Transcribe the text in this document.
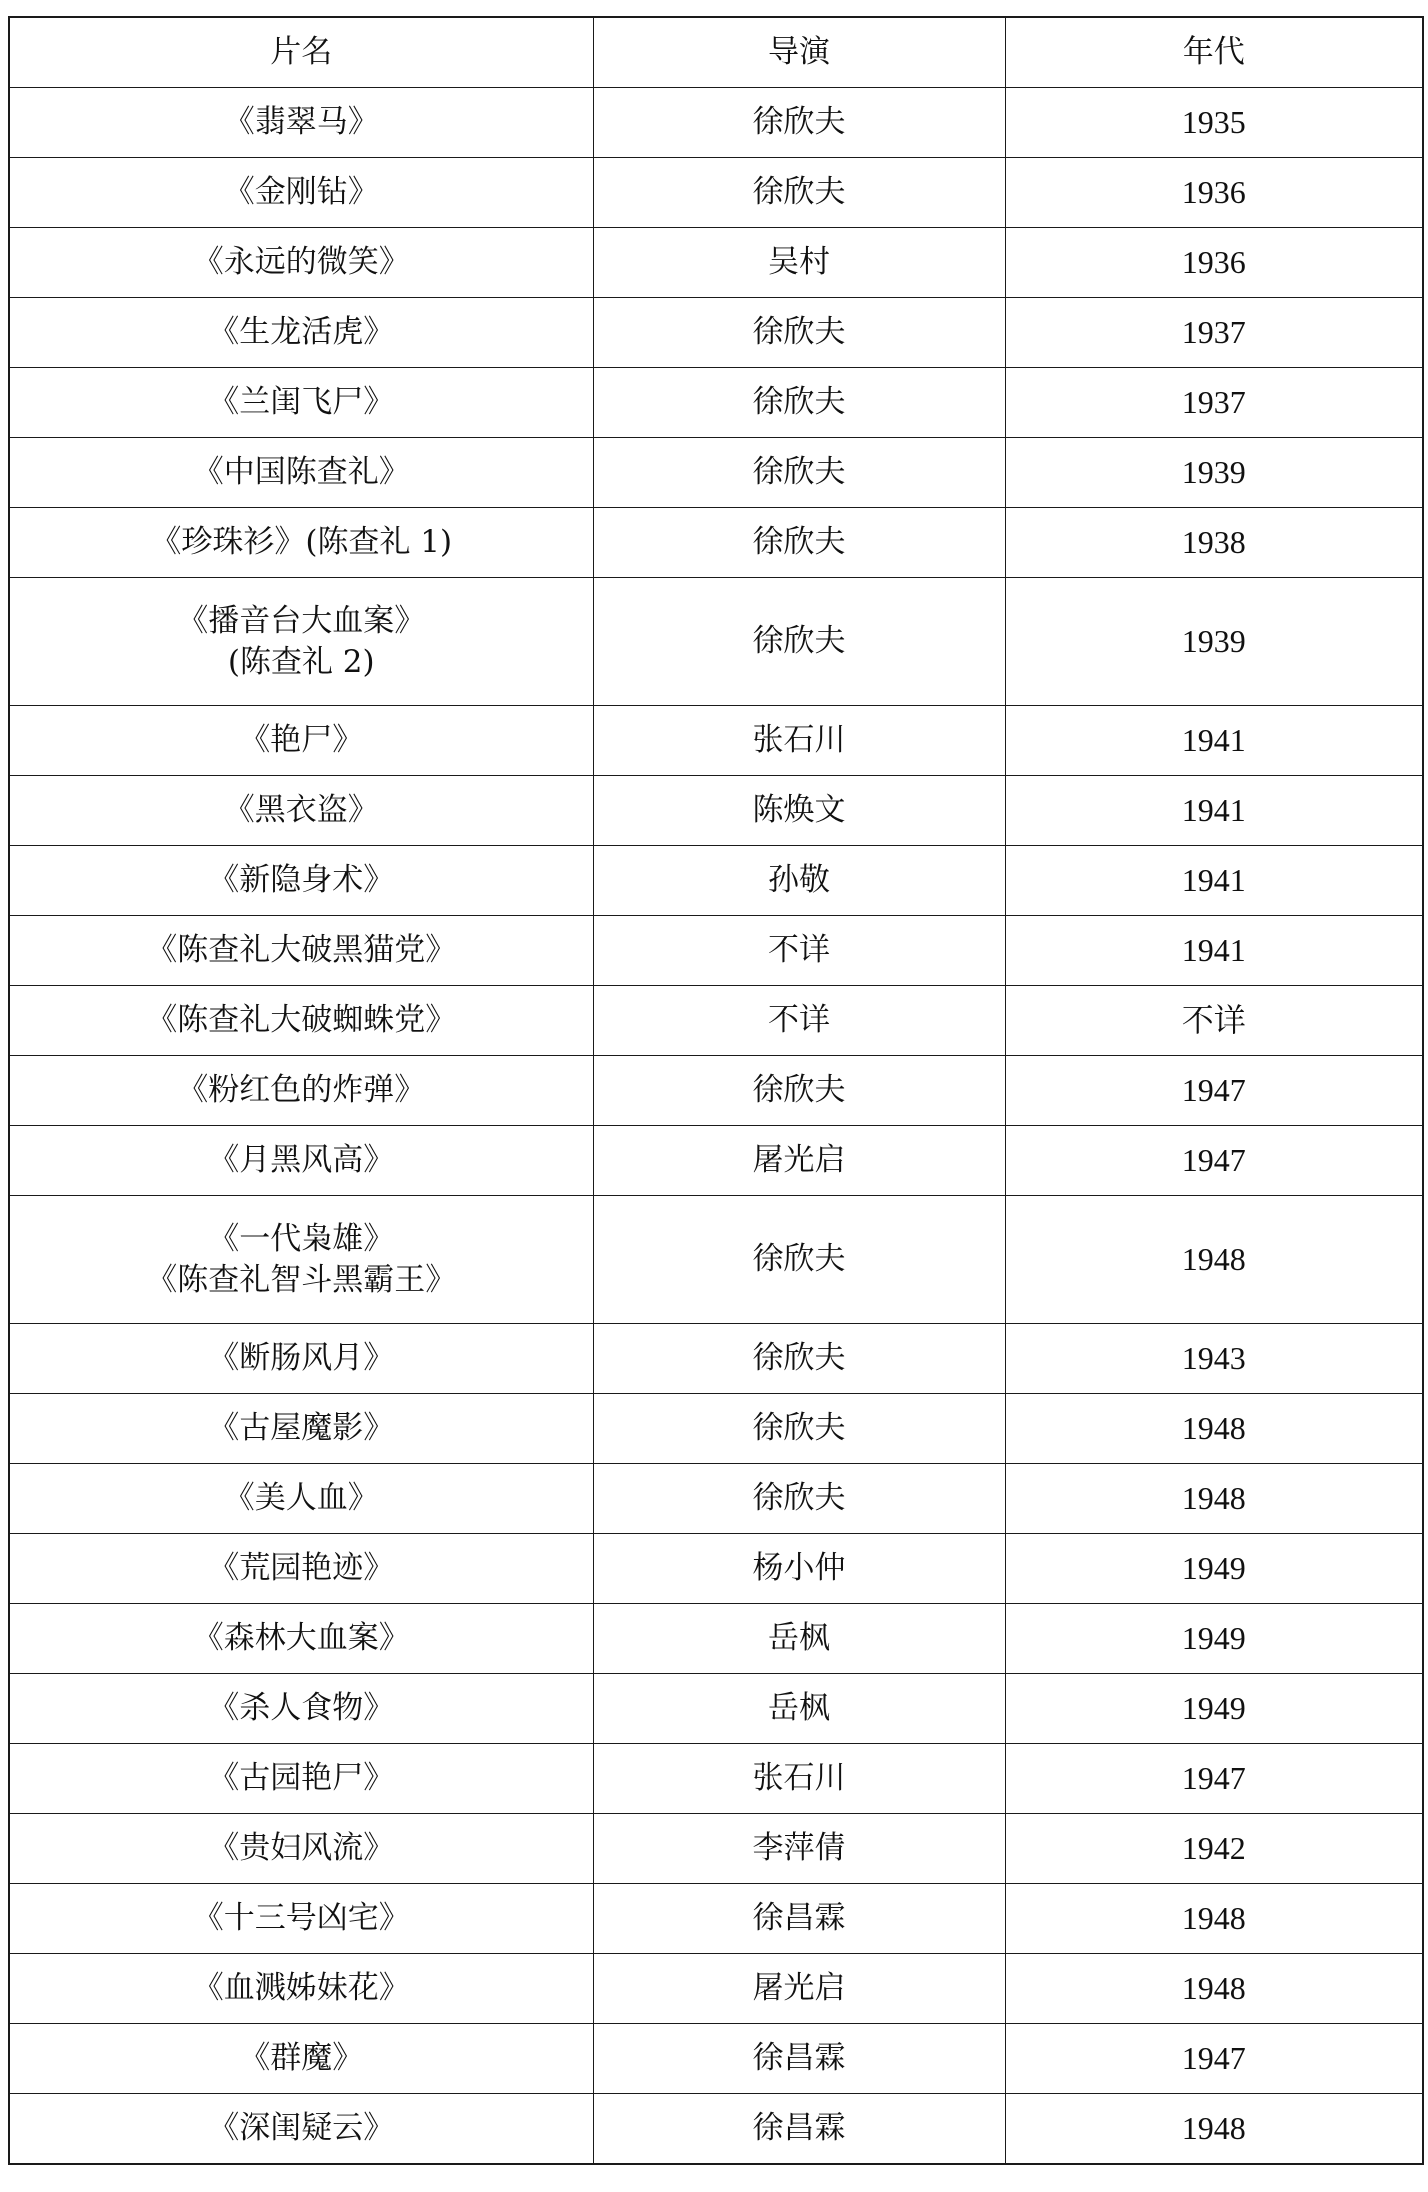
片名	导演	年代

《翡翠马》	徐欣夫	1935

《金刚钻》	徐欣夫	1936

《永远的微笑》	吴村	1936

《生龙活虎》	徐欣夫	1937

《兰闺飞尸》	徐欣夫	1937

《中国陈查礼》	徐欣夫	1939

《珍珠衫》(陈查礼 1)	徐欣夫	1938

《播音台大血案》
(陈查礼 2)	徐欣夫	1939

《艳尸》	张石川	1941

《黑衣盗》	陈焕文	1941

《新隐身术》	孙敬	1941

《陈查礼大破黑猫党》	不详	1941

《陈查礼大破蜘蛛党》	不详	不详

《粉红色的炸弹》	徐欣夫	1947

《月黑风高》	屠光启	1947

《一代枭雄》
《陈查礼智斗黑霸王》	徐欣夫	1948

《断肠风月》	徐欣夫	1943

《古屋魔影》	徐欣夫	1948

《美人血》	徐欣夫	1948

《荒园艳迹》	杨小仲	1949

《森林大血案》	岳枫	1949

《杀人食物》	岳枫	1949

《古园艳尸》	张石川	1947

《贵妇风流》	李萍倩	1942

《十三号凶宅》	徐昌霖	1948

《血溅姊妹花》	屠光启	1948

《群魔》	徐昌霖	1947

《深闺疑云》	徐昌霖	1948
